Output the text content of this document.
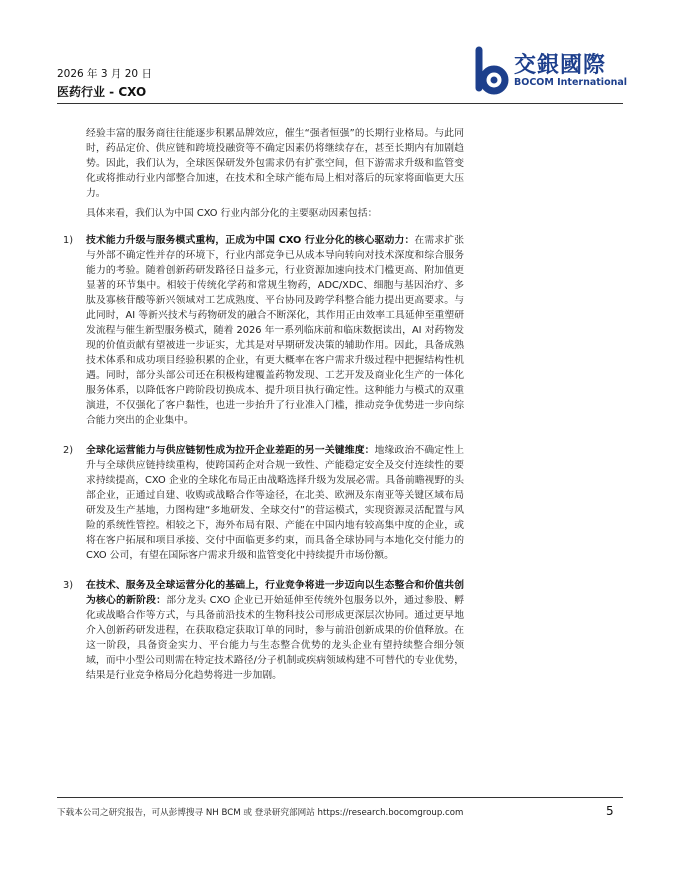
2026 年 3 月 20 日
医药行业 - CXO
交銀國際
BOCOM International

经验丰富的服务商往往能逐步积累品牌效应，催生“强者恒强”的长期行业格局。与此同时，药品定价、供应链和跨境投融资等不确定因素仍将继续存在，甚至长期内有加剧趋势。因此，我们认为，全球医保研发外包需求仍有扩张空间，但下游需求升级和监管变化或将推动行业内部整合加速，在技术和全球产能布局上相对落后的玩家将面临更大压力。

具体来看，我们认为中国 CXO 行业内部分化的主要驱动因素包括：

1)	技术能力升级与服务模式重构，正成为中国 CXO 行业分化的核心驱动力：在需求扩张与外部不确定性并存的环境下，行业内部竞争已从成本导向转向对技术深度和综合服务能力的考验。随着创新药研发路径日益多元，行业资源加速向技术门槛更高、附加值更显著的环节集中。相较于传统化学药和常规生物药，ADC/XDC、细胞与基因治疗、多肽及寡核苷酸等新兴领域对工艺成熟度、平台协同及跨学科整合能力提出更高要求。与此同时，AI 等新兴技术与药物研发的融合不断深化，其作用正由效率工具延伸至重塑研发流程与催生新型服务模式，随着 2026 年一系列临床前和临床数据读出，AI 对药物发现的价值贡献有望被进一步证实，尤其是对早期研发决策的辅助作用。因此，具备成熟技术体系和成功项目经验积累的企业，有更大概率在客户需求升级过程中把握结构性机遇。同时，部分头部公司还在积极构建覆盖药物发现、工艺开发及商业化生产的一体化服务体系，以降低客户跨阶段切换成本、提升项目执行确定性。这种能力与模式的双重演进，不仅强化了客户黏性，也进一步抬升了行业准入门槛，推动竞争优势进一步向综合能力突出的企业集中。
2)	全球化运营能力与供应链韧性成为拉开企业差距的另一关键维度：地缘政治不确定性上升与全球供应链持续重构，使跨国药企对合规一致性、产能稳定安全及交付连续性的要求持续提高，CXO 企业的全球化布局正由战略选择升级为发展必需。具备前瞻视野的头部企业，正通过自建、收购或战略合作等途径，在北美、欧洲及东南亚等关键区域布局研发及生产基地，力图构建“多地研发、全球交付”的营运模式，实现资源灵活配置与风险的系统性管控。相较之下，海外布局有限、产能在中国内地有较高集中度的企业，或将在客户拓展和项目承接、交付中面临更多约束，而具备全球协同与本地化交付能力的 CXO 公司，有望在国际客户需求升级和监管变化中持续提升市场份额。
3)	在技术、服务及全球运营分化的基础上，行业竞争将进一步迈向以生态整合和价值共创为核心的新阶段：部分龙头 CXO 企业已开始延伸至传统外包服务以外，通过参股、孵化或战略合作等方式，与具备前沿技术的生物科技公司形成更深层次协同。通过更早地介入创新药研发进程，在获取稳定获取订单的同时，参与前沿创新成果的价值释放。在这一阶段，具备资金实力、平台能力与生态整合优势的龙头企业有望持续整合细分领域，而中小型公司则需在特定技术路径/分子机制或疾病领域构建不可替代的专业优势，结果是行业竞争格局分化趋势将进一步加剧。
下载本公司之研究报告，可从彭博搜寻 NH BCM 或 登录研究部网站 https://research.bocomgroup.com	5
